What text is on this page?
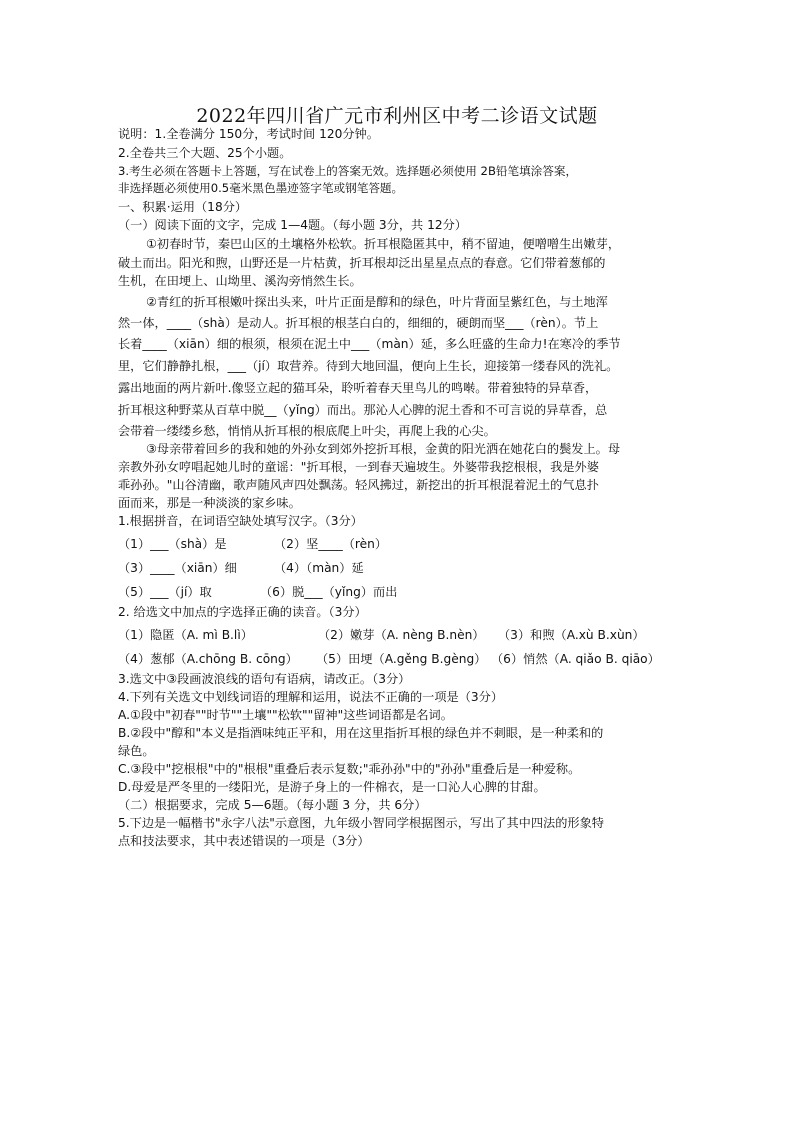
2022年四川省广元市利州区中考二诊语文试题
说明：1.全卷满分 150分，考试时间 120分钟。
2.全卷共三个大题、25个小题。
3.考生必须在答题卡上答题，写在试卷上的答案无效。选择题必须使用 2B铅笔填涂答案，
非选择题必须使用0.5毫米黑色墨迹签字笔或钢笔答题。
一、积累·运用（18分）
（一）阅读下面的文字，完成 1—4题。（每小题 3分，共 12分）
①初春时节，秦巴山区的土壤格外松软。折耳根隐匿其中，稍不留迪，便噌噌生出嫩芽，
破土而出。阳光和煦，山野还是一片枯黄，折耳根却泛出星星点点的春意。它们带着葱郁的
生机，在田埂上、山坳里、溪沟旁悄然生长。
②青红的折耳根嫩叶探出头来，叶片正面是醇和的绿色，叶片背面呈紫红色，与土地浑
然一体，____（shà）是动人。折耳根的根茎白白的，细细的，硬朗而坚___（rèn）。节上
长着____（xiān）细的根须，根须在泥土中___（màn）延，多么旺盛的生命力!在寒冷的季节
里，它们静静扎根，___（jí）取营养。待到大地回温，便向上生长，迎接第一缕春风的洗礼。
露出地面的两片新叶.像竖立起的猫耳朵，聆听着春天里鸟儿的鸣啭。带着独特的异草香，
折耳根这种野菜从百草中脱__（yǐng）而出。那沁人心脾的泥土香和不可言说的异草香，总
会带着一缕缕乡愁，悄悄从折耳根的根底爬上叶尖，再爬上我的心尖。
③母亲带着回乡的我和她的外孙女到郊外挖折耳根，金黄的阳光洒在她花白的鬓发上。母
亲教外孙女哼唱起她儿时的童谣："折耳根，一到春天遍坡生。外婆带我挖根根，我是外婆
乖孙孙。"山谷清幽，歌声随风声四处飘荡。轻风拂过，新挖出的折耳根混着泥土的气息扑
面而来，那是一种淡淡的家乡味。
1.根据拼音，在词语空缺处填写汉字。（3分）
（1）___（shà）是	（2）坚____（rèn）
（3）____（xiān）细	（4）（màn）延
（5）___（jí）取	（6）脱___（yǐng）而出
2. 给选文中加点的字选择正确的读音。（3分）
（1）隐匿（A. mì B.lì）	（2）嫩芽（A. nèng B.nèn）	（3）和煦（A.xù B.xùn）
（4）葱郁（A.chōng B. cōng）	（5）田埂（A.gěng B.gèng） （6）悄然（A. qiǎo B. qiāo）
3.选文中③段画波浪线的语句有语病，请改正。（3分）
4.下列有关选文中划线词语的理解和运用，说法不正确的一项是（3分）
A.①段中"初春""时节""土壤""松软""留神"这些词语都是名词。
B.②段中"醇和"本义是指酒味纯正平和，用在这里指折耳根的绿色并不刺眼，是一种柔和的
绿色。
C.③段中"挖根根"中的"根根"重叠后表示复数;"乖孙孙"中的"孙孙"重叠后是一种爱称。
D.母爱是严冬里的一缕阳光，是游子身上的一件棉衣，是一口沁人心脾的甘甜。
（二）根据要求，完成 5—6题。（每小题 3 分，共 6分）
5.下边是一幅楷书"永字八法"示意图，九年级小智同学根据图示，写出了其中四法的形象特
点和技法要求，其中表述错误的一项是（3分）
